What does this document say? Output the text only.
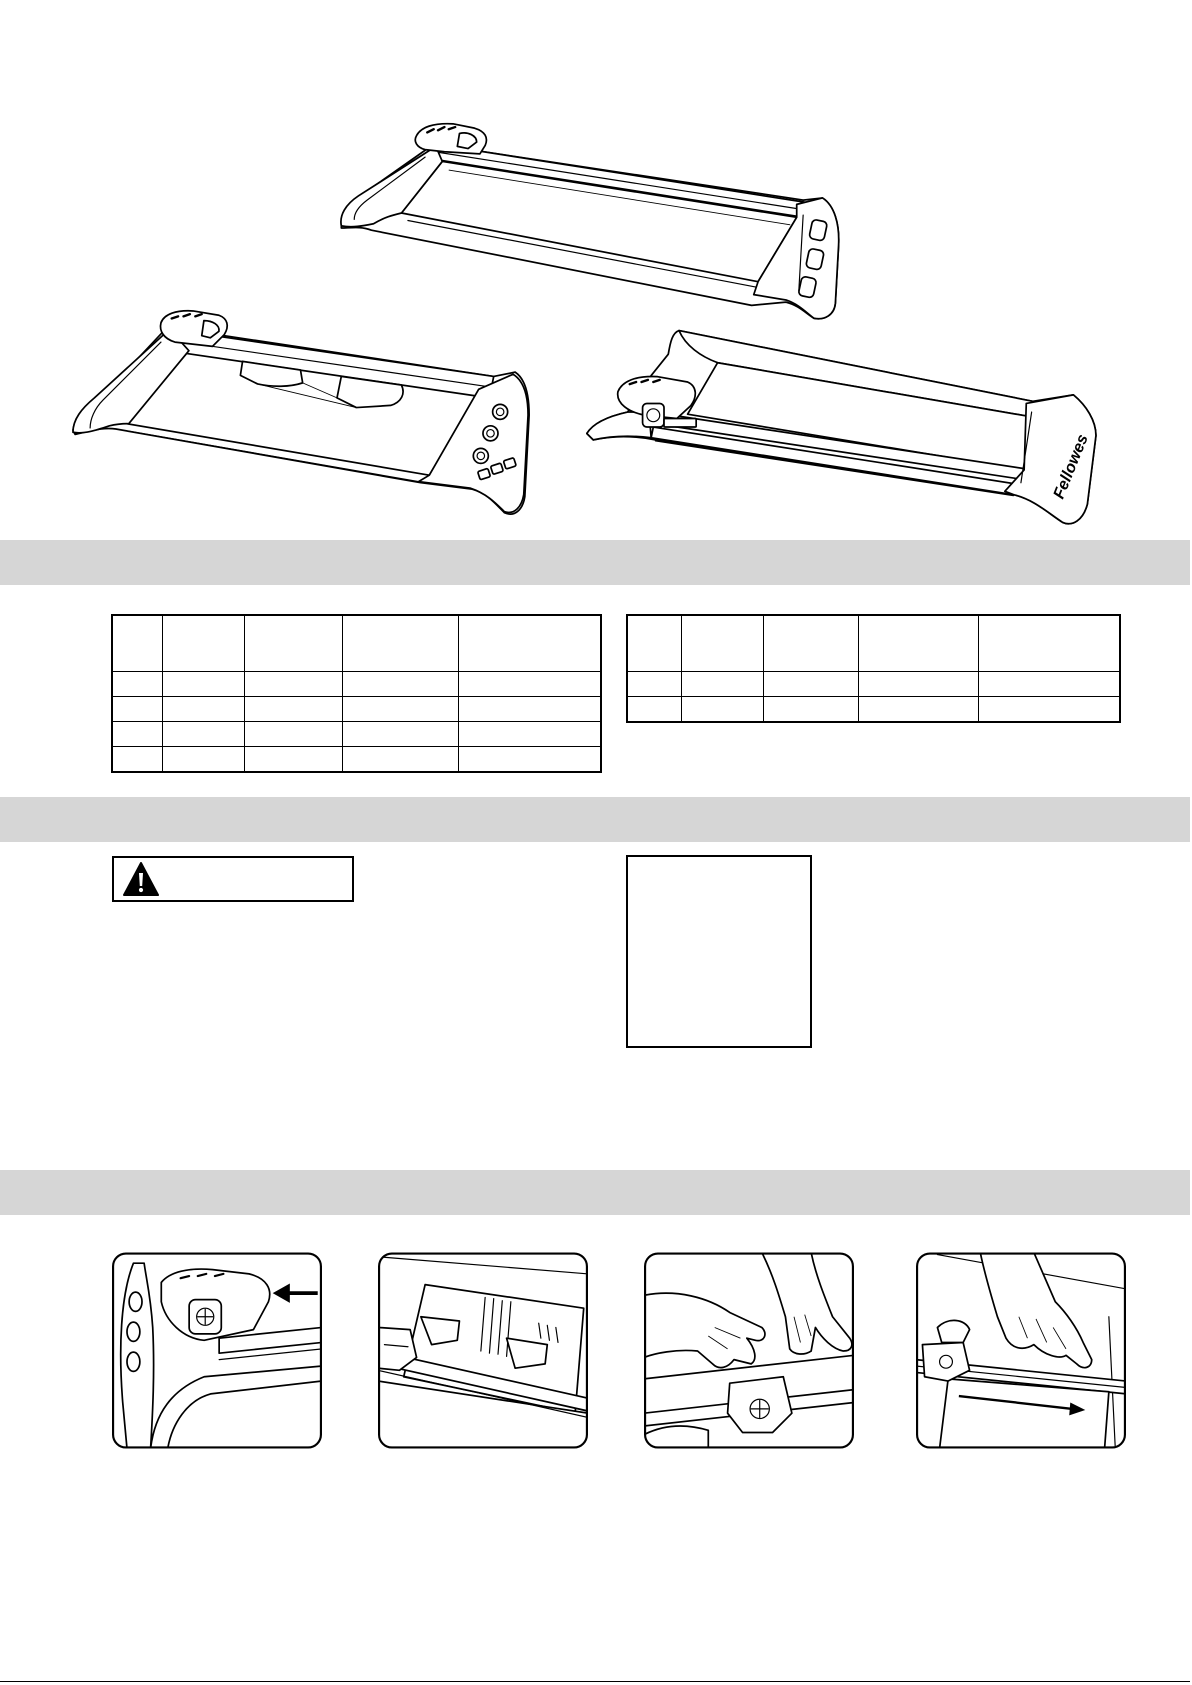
Fellowes
